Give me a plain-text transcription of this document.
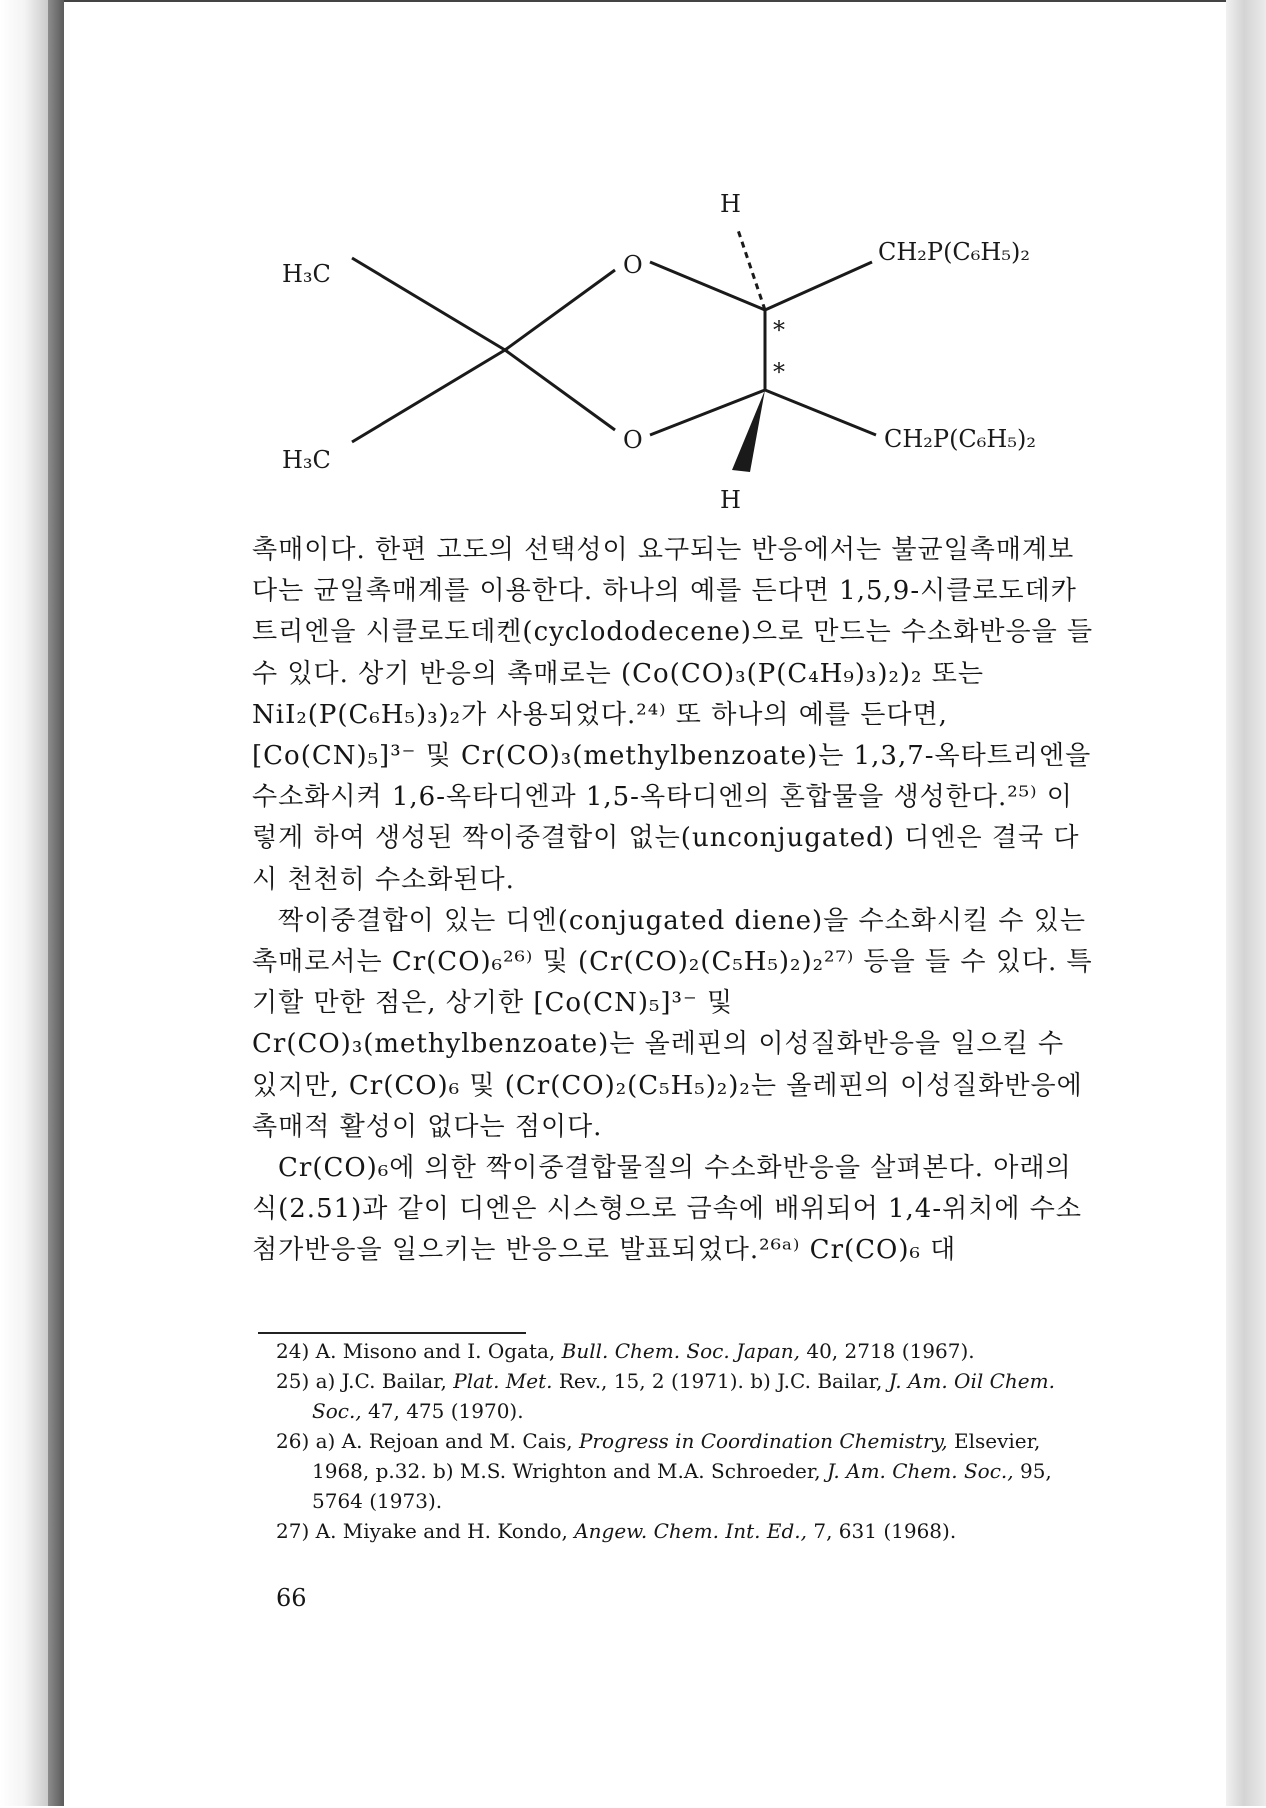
H
H₃C	O	CH₂P(C₆H₅)₂
*
*
H₃C
O	CH₂P(C₆H₅)₂
H

촉매이다. 한편 고도의 선택성이 요구되는 반응에서는 불균일촉매계보다는 균일촉매계를 이용한다. 하나의 예를 든다면 1,5,9-시클로도데카트리엔을 시클로도데켄(cyclododecene)으로 만드는 수소화반응을 들 수 있다. 상기 반응의 촉매로는 (Co(CO)₃(P(C₄H₉)₃)₂)₂ 또는 NiI₂(P(C₆H₅)₃)₂가 사용되었다.²⁴⁾ 또 하나의 예를 든다면, [Co(CN)₅]³⁻ 및 Cr(CO)₃(methylbenzoate)는 1,3,7-옥타트리엔을 수소화시켜 1,6-옥타디엔과 1,5-옥타디엔의 혼합물을 생성한다.²⁵⁾ 이렇게 하여 생성된 짝이중결합이 없는(unconjugated) 디엔은 결국 다시 천천히 수소화된다.

짝이중결합이 있는 디엔(conjugated diene)을 수소화시킬 수 있는 촉매로서는 Cr(CO)₆²⁶⁾ 및 (Cr(CO)₂(C₅H₅)₂)₂²⁷⁾ 등을 들 수 있다. 특기할 만한 점은, 상기한 [Co(CN)₅]³⁻ 및 Cr(CO)₃(methylbenzoate)는 올레핀의 이성질화반응을 일으킬 수 있지만, Cr(CO)₆ 및 (Cr(CO)₂(C₅H₅)₂)₂는 올레핀의 이성질화반응에 촉매적 활성이 없다는 점이다.

Cr(CO)₆에 의한 짝이중결합물질의 수소화반응을 살펴본다. 아래의 식(2.51)과 같이 디엔은 시스형으로 금속에 배위되어 1,4-위치에 수소첨가반응을 일으키는 반응으로 발표되었다.²⁶ᵃ⁾ Cr(CO)₆ 대

24) A. Misono and I. Ogata, Bull. Chem. Soc. Japan, 40, 2718 (1967).

25) a) J.C. Bailar, Plat. Met. Rev., 15, 2 (1971). b) J.C. Bailar, J. Am. Oil Chem. Soc., 47, 475 (1970).

26) a) A. Rejoan and M. Cais, Progress in Coordination Chemistry, Elsevier, 1968, p.32. b) M.S. Wrighton and M.A. Schroeder, J. Am. Chem. Soc., 95, 5764 (1973).

27) A. Miyake and H. Kondo, Angew. Chem. Int. Ed., 7, 631 (1968).

66
